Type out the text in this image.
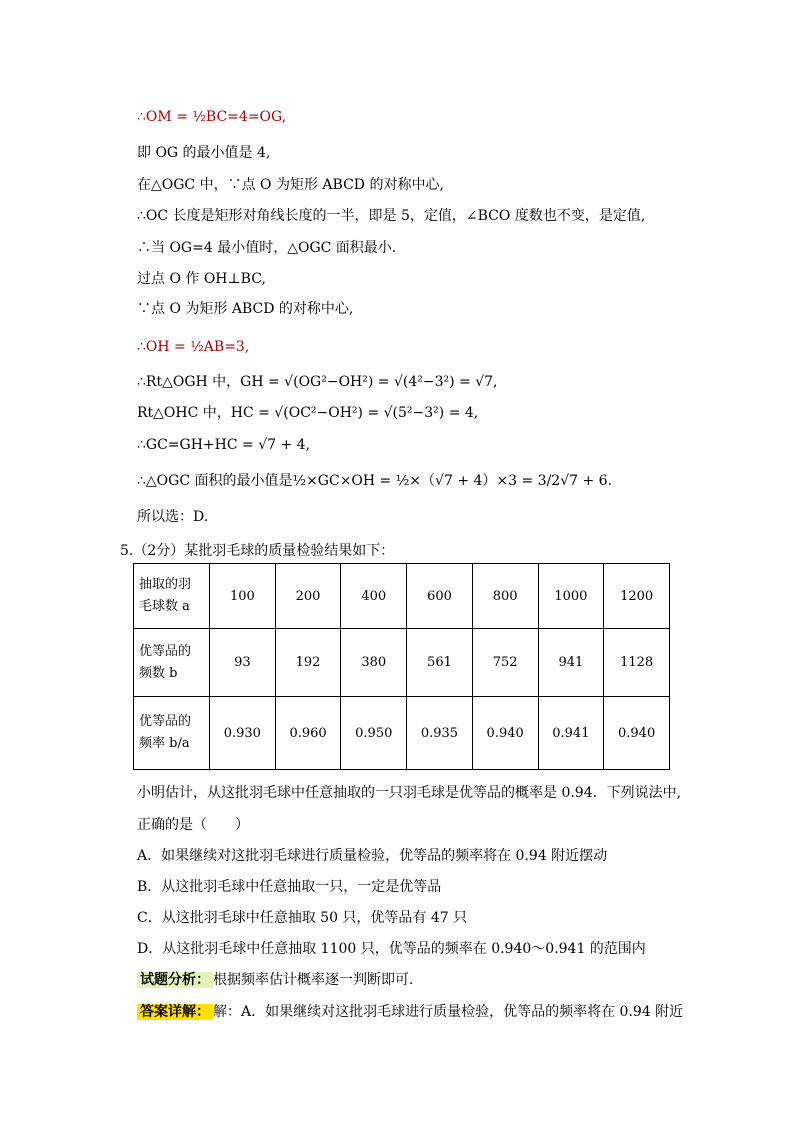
∴OM = ½BC=4=OG,
即 OG 的最小值是 4,
在△OGC 中，∵点 O 为矩形 ABCD 的对称中心,
∴OC 长度是矩形对角线长度的一半，即是 5，定值，∠BCO 度数也不变，是定值,
∴当 OG=4 最小值时，△OGC 面积最小．
过点 O 作 OH⊥BC,
∵点 O 为矩形 ABCD 的对称中心,
∴OH = ½AB=3,
∴Rt△OGH 中，GH = √(OG²−OH²) = √(4²−3²) = √7,
Rt△OHC 中，HC = √(OC²−OH²) = √(5²−3²) = 4,
∴GC=GH+HC = √7 + 4,
∴△OGC 面积的最小值是½×GC×OH = ½×（√7 + 4）×3 = 3/2√7 + 6.
所以选：D.
5.（2分）某批羽毛球的质量检验结果如下：
抽取的羽
毛球数 a	100	200	400	600	800	1000	1200

优等品的
频数 b	93	192	380	561	752	941	1128

优等品的
频率 b/a	0.930	0.960	0.950	0.935	0.940	0.941	0.940
小明估计，从这批羽毛球中任意抽取的一只羽毛球是优等品的概率是 0.94．下列说法中,
正确的是（　　）
A．如果继续对这批羽毛球进行质量检验，优等品的频率将在 0.94 附近摆动
B．从这批羽毛球中任意抽取一只，一定是优等品
C．从这批羽毛球中任意抽取 50 只，优等品有 47 只
D．从这批羽毛球中任意抽取 1100 只，优等品的频率在 0.940～0.941 的范围内
试题分析： 根据频率估计概率逐一判断即可．
答案详解： 解：A．如果继续对这批羽毛球进行质量检验，优等品的频率将在 0.94 附近
